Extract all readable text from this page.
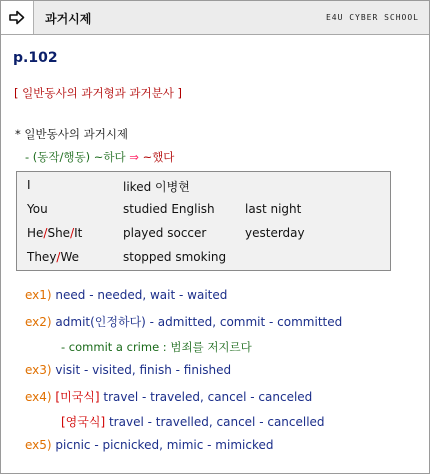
과거시제	E4U CYBER SCHOOL
p.102
[ 일반동사의 과거형과 과거분사 ]
* 일반동사의 과거시제
- (동작/행동) ~하다 ⇒ ~했다
I	liked 이병현
You	studied English	last night
He/She/It	played soccer	yesterday
They/We	stopped smoking
ex1) need - needed, wait - waited
ex2) admit(인정하다) - admitted, commit - committed
- commit a crime : 범죄를 저지르다
ex3) visit - visited, finish - finished
ex4) [미국식] travel - traveled, cancel - canceled
[영국식] travel - travelled, cancel - cancelled
ex5) picnic - picnicked, mimic - mimicked
